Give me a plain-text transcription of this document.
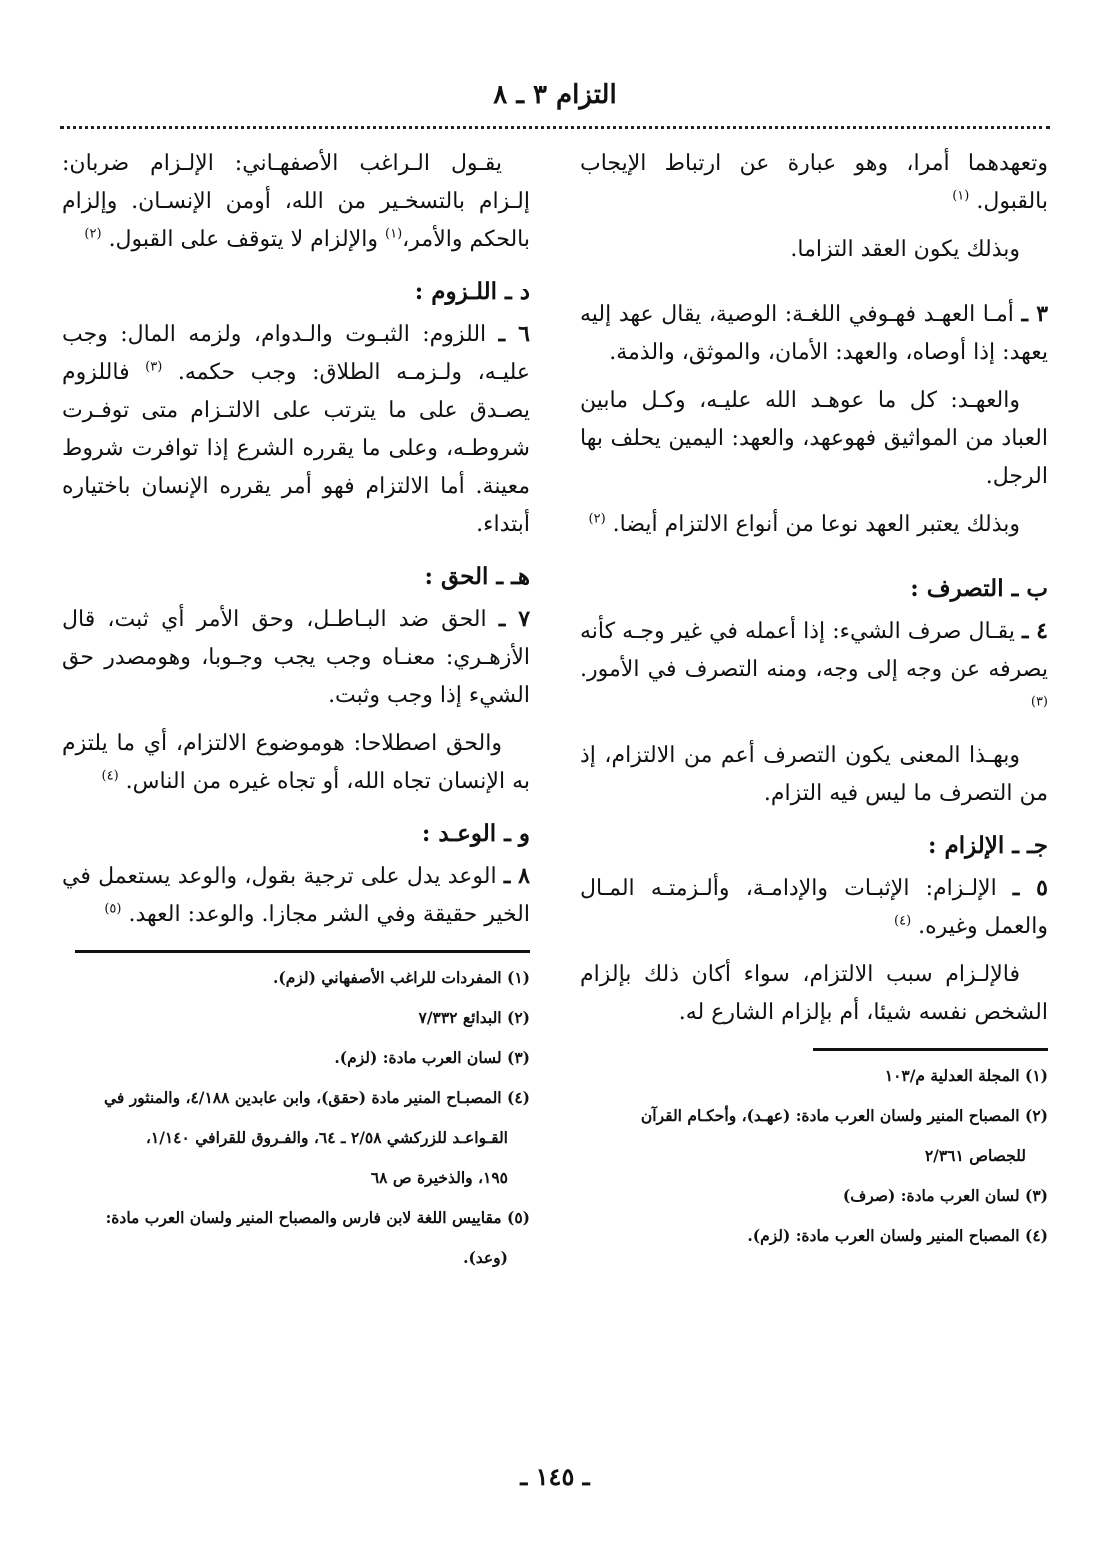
التزام ٣ ـ ٨

وتعهدهما أمرا، وهو عبارة عن ارتباط الإيجاب بالقبول. $^{(١)}$

وبذلك يكون العقد التزاما.

٣ ـ أمـا العهـد فهـوفي اللغـة: الوصية، يقال عهد إليه يعهد: إذا أوصاه، والعهد: الأمان، والموثق، والذمة.

والعهـد: كل ما عوهـد الله عليـه، وكـل مابين العباد من المواثيق فهوعهد، والعهد: اليمين يحلف بها الرجل.

وبذلك يعتبر العهد نوعا من أنواع الالتزام أيضا. $^{(٢)}$

ب ـ التصرف :

٤ ـ يقـال صرف الشيء: إذا أعمله في غير وجـه كأنه يصرفه عن وجه إلى وجه، ومنه التصرف في الأمور. $^{(٣)}$

وبهـذا المعنى يكون التصرف أعم من الالتزام، إذ من التصرف ما ليس فيه التزام.

جـ ـ الإلزام :

٥ ـ الإلـزام: الإثبـات والإدامـة، وألـزمتـه المـال والعمل وغيره. $^{(٤)}$

فالإلـزام سبب الالتزام، سواء أكان ذلك بإلزام الشخص نفسه شيئا، أم بإلزام الشارع له.

(١) المجلة العدلية م/١٠٣

(٢) المصباح المنير ولسان العرب مادة: (عهـد)، وأحكـام القرآن

للجصاص ٢/٣٦١

(٣) لسان العرب مادة: (صرف)

(٤) المصباح المنير ولسان العرب مادة: (لزم).

يقـول الـراغب الأصفهـاني: الإلـزام ضربان: إلـزام بالتسخـير من الله، أومن الإنسـان. وإلزام بالحكم والأمر،$^{(١)}$ والإلزام لا يتوقف على القبول. $^{(٢)}$

د ـ اللـزوم :

٦ ـ اللزوم: الثبـوت والـدوام، ولزمه المال: وجب عليـه، ولـزمـه الطلاق: وجب حكمه. $^{(٣)}$ فاللزوم يصـدق على ما يترتب على الالتـزام متى توفـرت شروطـه، وعلى ما يقرره الشرع إذا توافرت شروط معينة. أما الالتزام فهو أمر يقرره الإنسان باختياره أبتداء.

هـ ـ الحق :

٧ ـ الحق ضد البـاطـل، وحق الأمر أي ثبت، قال الأزهـري: معنـاه وجب يجب وجـوبا، وهومصدر حق الشيء إذا وجب وثبت.

والحق اصطلاحا: هوموضوع الالتزام، أي ما يلتزم به الإنسان تجاه الله، أو تجاه غيره من الناس. $^{(٤)}$

و ـ الوعـد :

٨ ـ الوعد يدل على ترجية بقول، والوعد يستعمل في الخير حقيقة وفي الشر مجازا. والوعد: العهد. $^{(٥)}$

(١) المفردات للراغب الأصفهاني (لزم).

(٢) البدائع ٧/٣٣٢

(٣) لسان العرب مادة: (لزم).

(٤) المصبـاح المنير مادة (حقق)، وابن عابدين ٤/١٨٨، والمنثور في

القـواعـد للزركشي ٢/٥٨ ـ ٦٤، والفـروق للقرافي ١/١٤٠،

١٩٥، والذخيرة ص ٦٨

(٥) مقاييس اللغة لابن فارس والمصباح المنير ولسان العرب مادة:

(وعد).

ـ ١٤٥ ـ
